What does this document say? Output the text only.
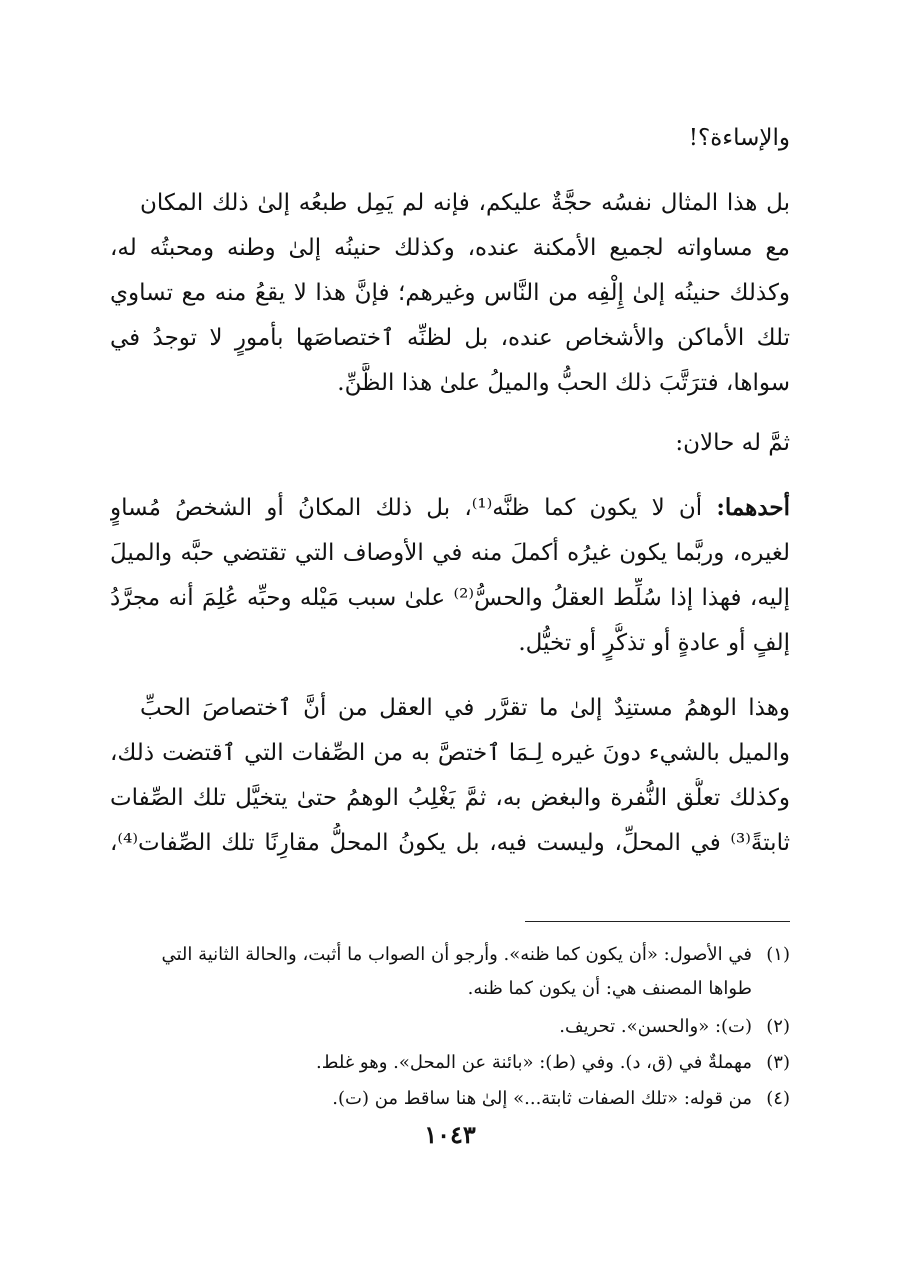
والإساءة؟!
بل هذا المثال نفسُه حجَّةٌ عليكم، فإنه لم يَمِل طبعُه إلىٰ ذلك المكان
مع مساواته لجميع الأمكنة عنده، وكذلك حنينُه إلىٰ وطنه ومحبتُه له،
وكذلك حنينُه إلىٰ إِلْفِه من النَّاس وغيرهم؛ فإنَّ هذا لا يقعُ منه مع تساوي
تلك الأماكن والأشخاص عنده، بل لظنِّه ٱختصاصَها بأمورٍ لا توجدُ في
سواها، فترَتَّبَ ذلك الحبُّ والميلُ علىٰ هذا الظَّنِّ.
ثمَّ له حالان:
أحدهما: أن لا يكون كما ظنَّه⁽¹⁾، بل ذلك المكانُ أو الشخصُ مُساوٍ
لغيره، وربَّما يكون غيرُه أكملَ منه في الأوصاف التي تقتضي حبَّه والميلَ
إليه، فهذا إذا سُلِّط العقلُ والحسُّ⁽²⁾ علىٰ سبب مَيْله وحبِّه عُلِمَ أنه مجرَّدُ
إلفٍ أو عادةٍ أو تذكُّرٍ أو تخيُّل.
وهذا الوهمُ مستنِدٌ إلىٰ ما تقرَّر في العقل من أنَّ ٱختصاصَ الحبِّ
والميل بالشيء دونَ غيره لِـمَا ٱختصَّ به من الصِّفات التي ٱقتضت ذلك،
وكذلك تعلُّق النُّفرة والبغض به، ثمَّ يَغْلِبُ الوهمُ حتىٰ يتخيَّل تلك الصِّفات
ثابتةً⁽³⁾ في المحلِّ، وليست فيه، بل يكونُ المحلُّ مقارِنًا تلك الصِّفات⁽⁴⁾،
(١)في الأصول: «أن يكون كما ظنه». وأرجو أن الصواب ما أثبت، والحالة الثانية التي
طواها المصنف هي: أن يكون كما ظنه.
(٢)(ت): «والحسن». تحريف.
(٣)مهملةٌ في (ق، د). وفي (ط): «بائنة عن المحل». وهو غلط.
(٤)من قوله: «تلك الصفات ثابتة...» إلىٰ هنا ساقط من (ت).
١٠٤٣
